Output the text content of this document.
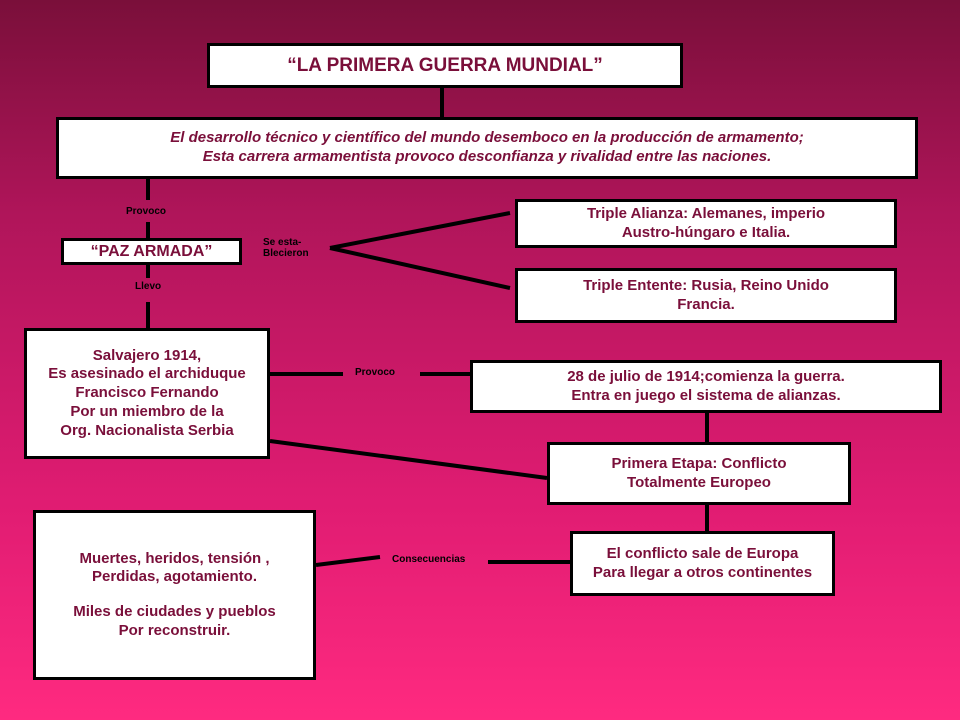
“LA PRIMERA GUERRA MUNDIAL”
El desarrollo técnico y científico del mundo desemboco en la producción de armamento;
Esta carrera armamentista provoco desconfianza y rivalidad entre las naciones.
Provoco
“PAZ ARMADA”	Se esta-
Blecieron
Triple Alianza: Alemanes, imperio
Austro-húngaro e Italia.
Triple Entente: Rusia, Reino Unido
Francia.
Llevo
Salvajero 1914,
Es asesinado el archiduque
Francisco Fernando
Por un miembro de la
Org. Nacionalista Serbia
Provoco	28 de julio de 1914;comienza la guerra.
Entra en juego el sistema de alianzas.
Primera Etapa: Conflicto
Totalmente Europeo
Muertes, heridos, tensión ,
Perdidas, agotamiento.
Miles de ciudades y pueblos
Por reconstruir.
Consecuencias	El conflicto sale de Europa
Para llegar a otros continentes
